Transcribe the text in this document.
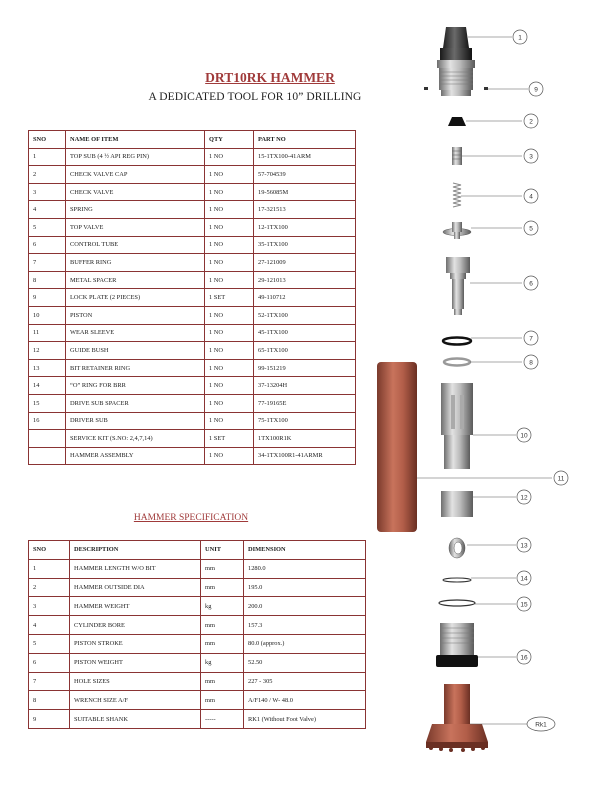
DRT10RK HAMMER
A DEDICATED TOOL FOR 10” DRILLING
SNO	NAME OF ITEM	QTY	PART NO
1	TOP SUB (4 ½ API REG PIN)	1 NO	15-1TX100-41ARM
2	CHECK VALVE CAP	1 NO	57-704539
3	CHECK VALVE	1 NO	19-56085M
4	SPRING	1 NO	17-321513
5	TOP VALVE	1 NO	12-1TX100
6	CONTROL TUBE	1 NO	35-1TX100
7	BUFFER RING	1 NO	27-121009
8	METAL SPACER	1 NO	29-121013
9	LOCK PLATE (2 PIECES)	1 SET	49-110712
10	PISTON	1 NO	52-1TX100
11	WEAR SLEEVE	1 NO	45-1TX100
12	GUIDE BUSH	1 NO	65-1TX100
13	BIT RETAINER RING	1 NO	99-151219
14	“O” RING FOR BRR	1 NO	37-13204H
15	DRIVE SUB SPACER	1 NO	77-19165E
16	DRIVER SUB	1 NO	75-1TX100
	SERVICE KIT (S.NO: 2,4,7,14)	1 SET	1TX100R1K
	HAMMER ASSEMBLY	1 NO	34-1TX100R1-41ARMR
HAMMER SPECIFICATION
SNO	DESCRIPTION	UNIT	DIMENSION
1	HAMMER LENGTH W/O BIT	mm	1280.0
2	HAMMER OUTSIDE DIA	mm	195.0
3	HAMMER WEIGHT	kg	200.0
4	CYLINDER BORE	mm	157.3
5	PISTON STROKE	mm	80.0 (approx.)
6	PISTON WEIGHT	kg	52.50
7	HOLE SIZES	mm	227 - 305
8	WRENCH SIZE A/F	mm	A/F140 / W- 48.0
9	SUITABLE SHANK	-----	RK1 (Without Foot Valve)
1
9
2
3
4
5
6
7
8
10
11
12
13
14
15
16
Rk1
